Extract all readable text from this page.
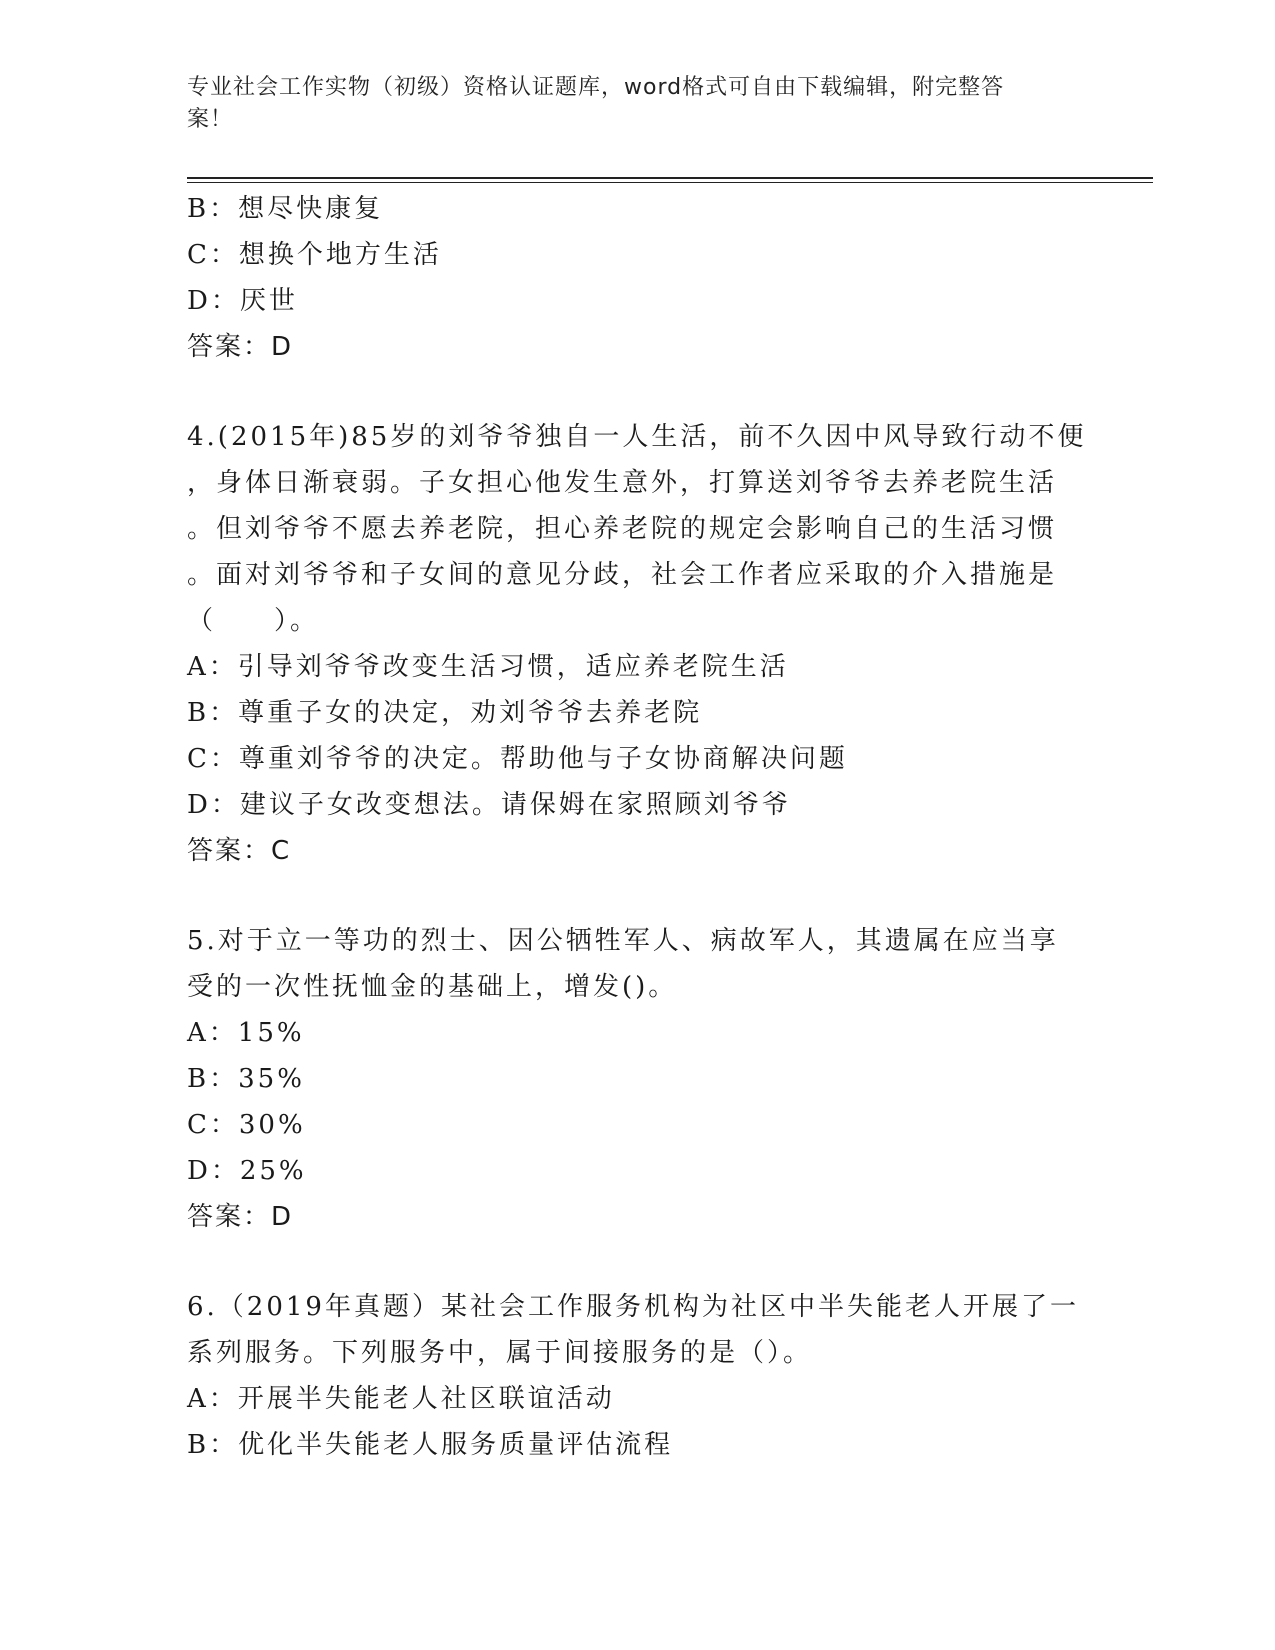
专业社会工作实物（初级）资格认证题库，word格式可自由下载编辑，附完整答
案！
B：想尽快康复
C：想换个地方生活
D：厌世
答案：D
4.(2015年)85岁的刘爷爷独自一人生活，前不久因中风导致行动不便
，身体日渐衰弱。子女担心他发生意外，打算送刘爷爷去养老院生活
。但刘爷爷不愿去养老院，担心养老院的规定会影响自己的生活习惯
。面对刘爷爷和子女间的意见分歧，社会工作者应采取的介入措施是
（　　）。
A：引导刘爷爷改变生活习惯，适应养老院生活
B：尊重子女的决定，劝刘爷爷去养老院
C：尊重刘爷爷的决定。帮助他与子女协商解决问题
D：建议子女改变想法。请保姆在家照顾刘爷爷
答案：C
5.对于立一等功的烈士、因公牺牲军人、病故军人，其遗属在应当享
受的一次性抚恤金的基础上，增发()。
A：15%
B：35%
C：30%
D：25%
答案：D
6.（2019年真题）某社会工作服务机构为社区中半失能老人开展了一
系列服务。下列服务中，属于间接服务的是（）。
A：开展半失能老人社区联谊活动
B：优化半失能老人服务质量评估流程
